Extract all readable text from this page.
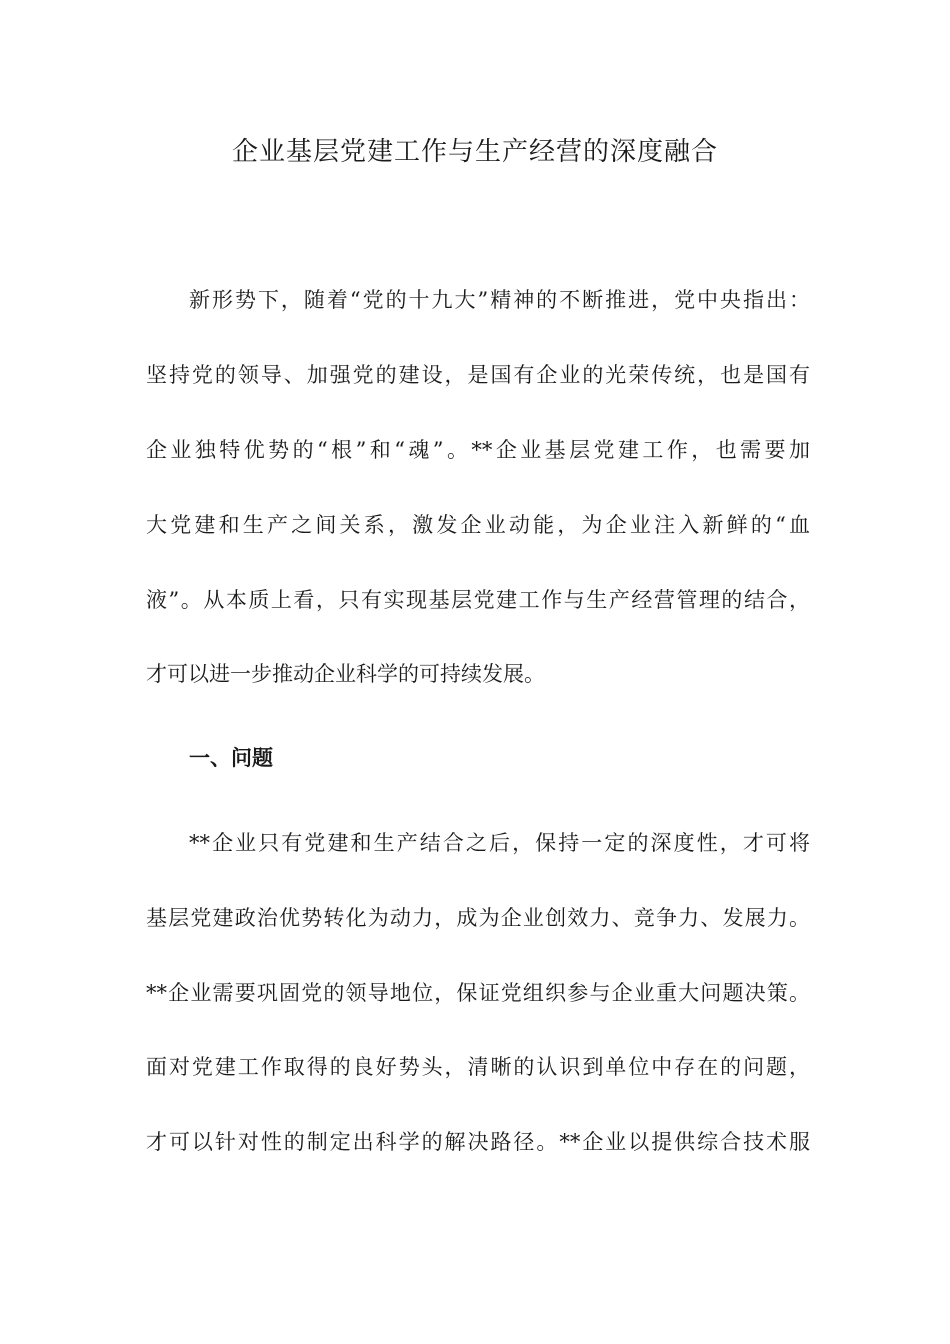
企业基层党建工作与生产经营的深度融合

新形势下，随着“党的十九大”精神的不断推进，党中央指出：

坚持党的领导、加强党的建设，是国有企业的光荣传统，也是国有

企业独特优势的“根”和“魂”。**企业基层党建工作，也需要加

大党建和生产之间关系，激发企业动能，为企业注入新鲜的“血

液”。从本质上看，只有实现基层党建工作与生产经营管理的结合，

才可以进一步推动企业科学的可持续发展。

一、问题

**企业只有党建和生产结合之后，保持一定的深度性，才可将

基层党建政治优势转化为动力，成为企业创效力、竞争力、发展力。

**企业需要巩固党的领导地位，保证党组织参与企业重大问题决策。

面对党建工作取得的良好势头，清晰的认识到单位中存在的问题，

才可以针对性的制定出科学的解决路径。**企业以提供综合技术服
